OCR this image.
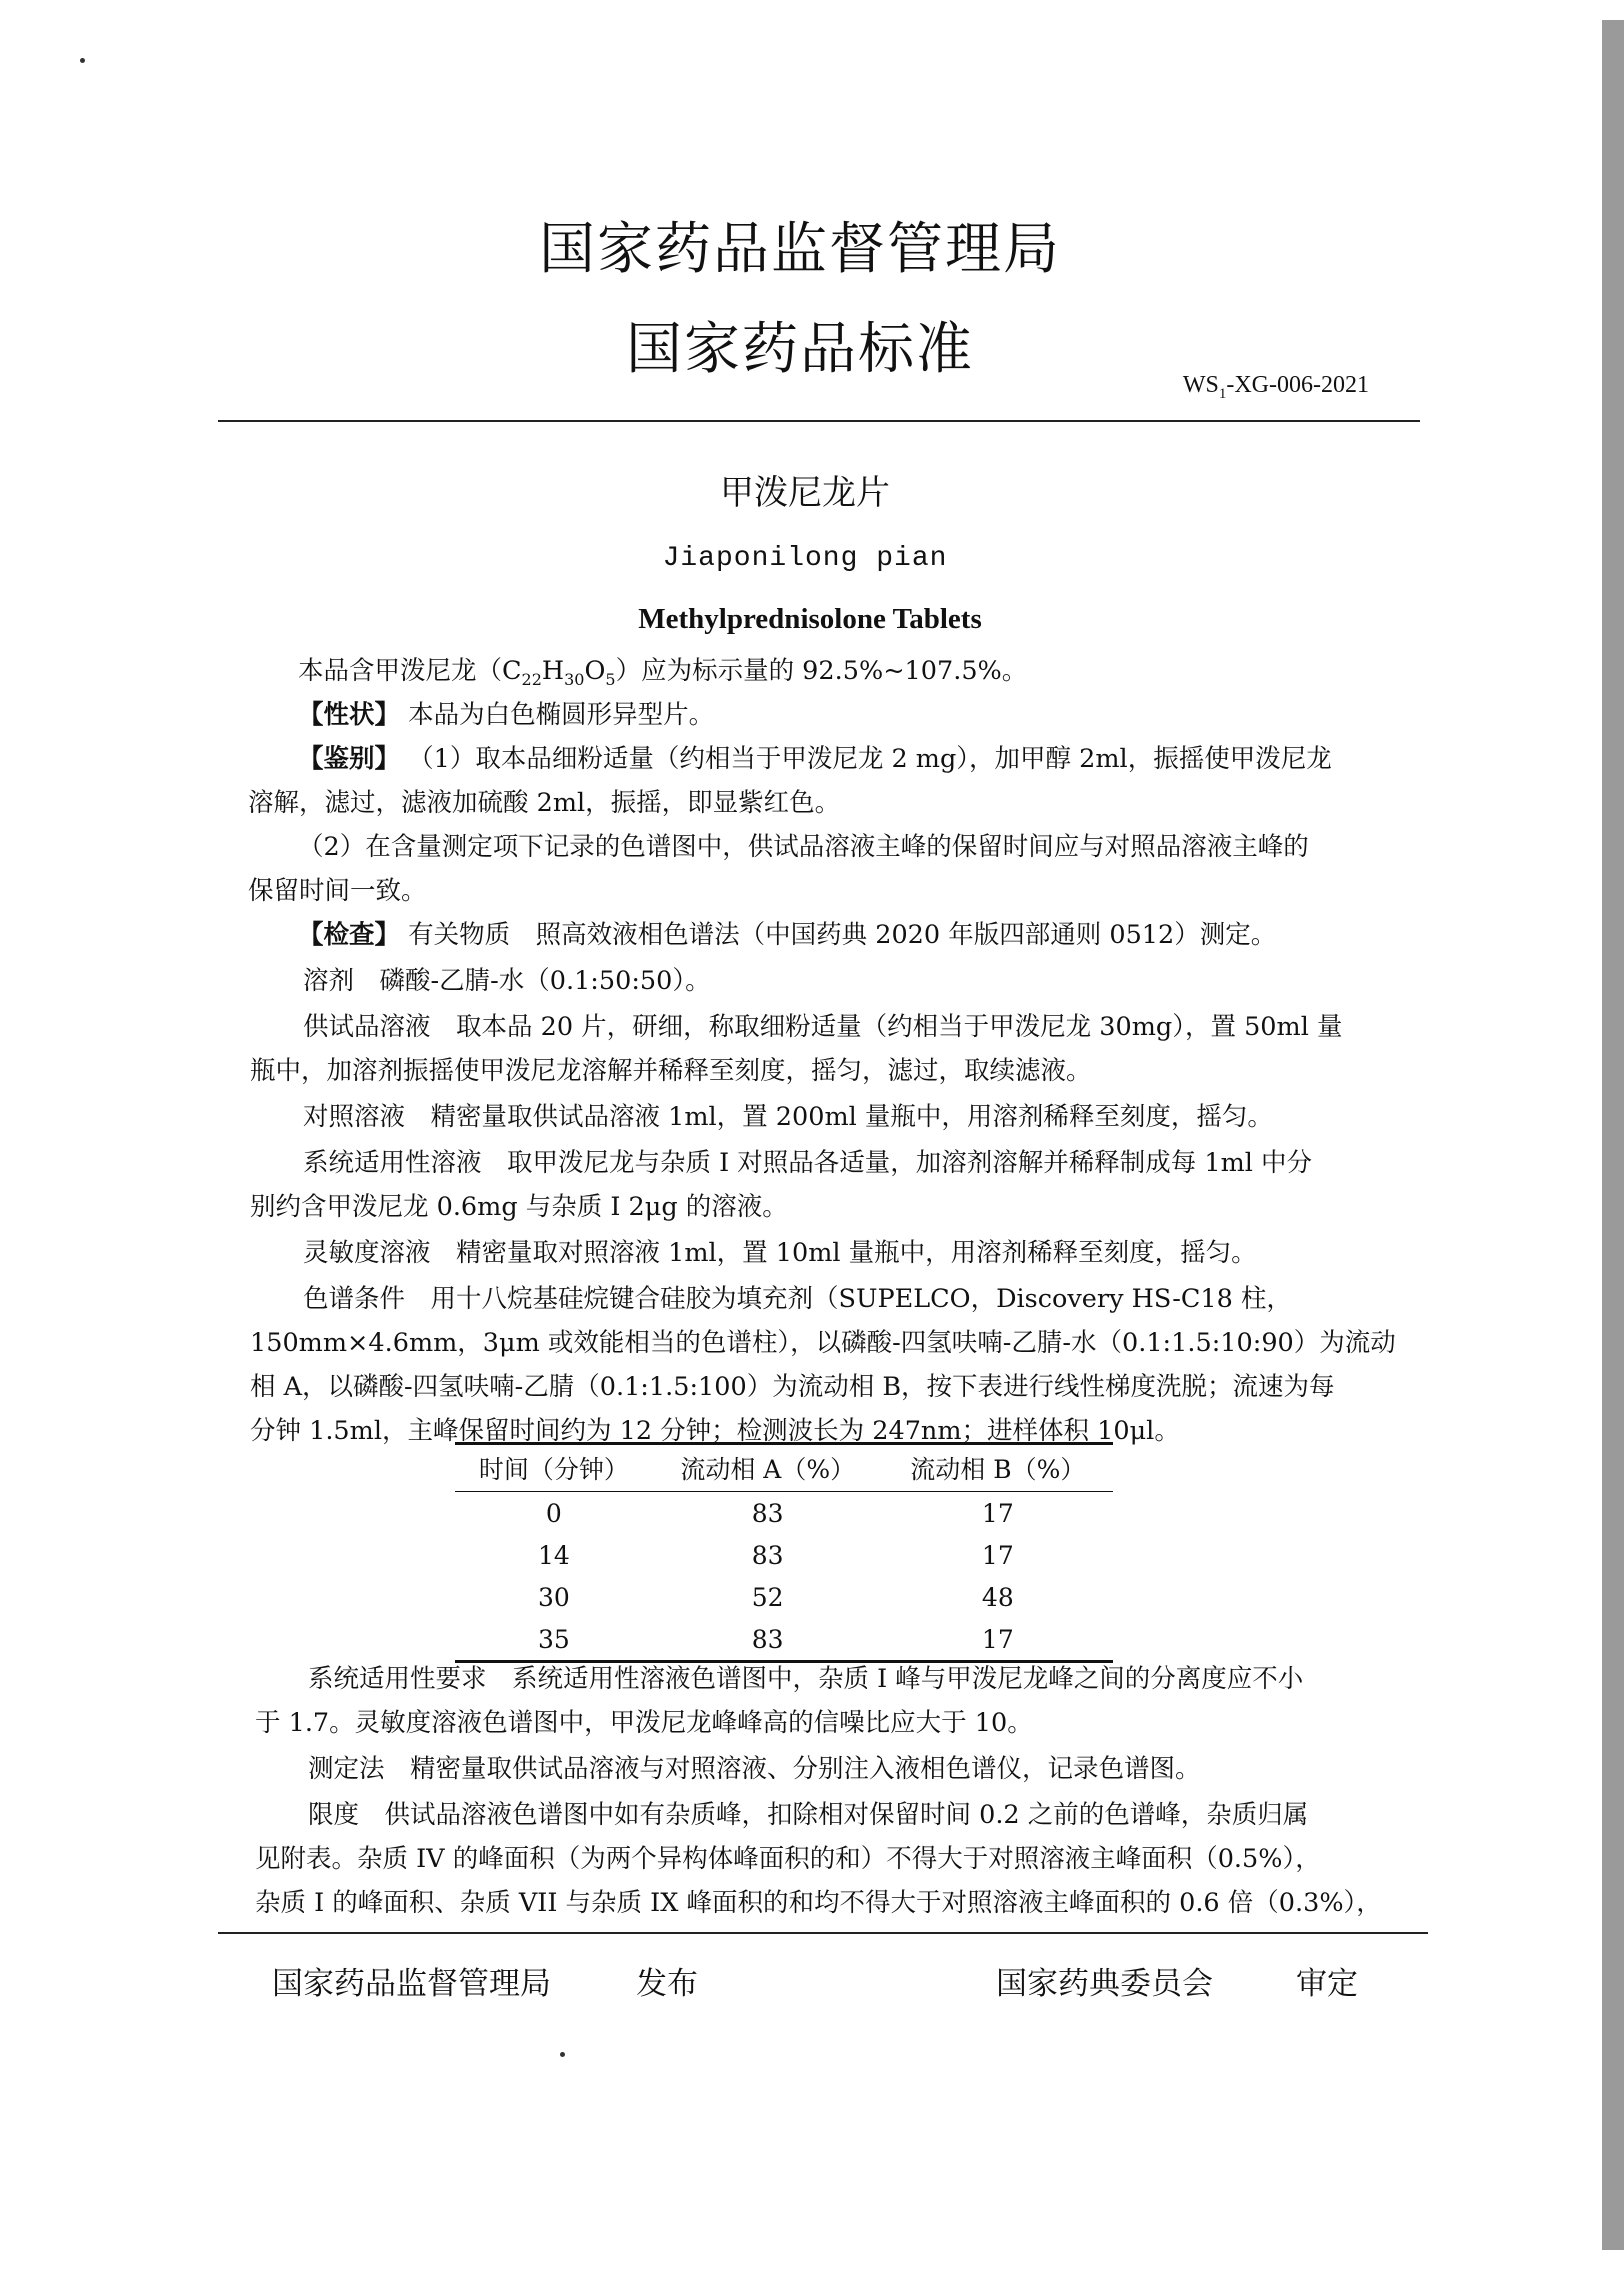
国家药品监督管理局
国家药品标准
$WS_1-XG-006-2021$
甲泼尼龙片
Jiaponilong pian
Methylprednisolone Tablets
本品含甲泼尼龙$(C_{22}H_{30}O_5)$应为标示量的 92.5%~107.5%。
【性状】 本品为白色椭圆形异型片。
【鉴别】 （1）取本品细粉适量（约相当于甲泼尼龙 2 mg），加甲醇 2ml，振摇使甲泼尼龙
溶解，滤过，滤液加硫酸 2ml，振摇，即显紫红色。
（2）在含量测定项下记录的色谱图中，供试品溶液主峰的保留时间应与对照品溶液主峰的
保留时间一致。
【检查】 有关物质　照高效液相色谱法（中国药典 2020 年版四部通则 0512）测定。
溶剂　磷酸-乙腈-水（0.1:50:50）。
供试品溶液　取本品 20 片，研细，称取细粉适量（约相当于甲泼尼龙 30mg），置 50ml 量
瓶中，加溶剂振摇使甲泼尼龙溶解并稀释至刻度，摇匀，滤过，取续滤液。
对照溶液　精密量取供试品溶液 1ml，置 200ml 量瓶中，用溶剂稀释至刻度，摇匀。
系统适用性溶液　取甲泼尼龙与杂质 I 对照品各适量，加溶剂溶解并稀释制成每 1ml 中分
别约含甲泼尼龙 0.6mg 与杂质 I 2μg 的溶液。
灵敏度溶液　精密量取对照溶液 1ml，置 10ml 量瓶中，用溶剂稀释至刻度，摇匀。
色谱条件　用十八烷基硅烷键合硅胶为填充剂（SUPELCO，Discovery HS-C18 柱，
150mm×4.6mm，3μm 或效能相当的色谱柱），以磷酸-四氢呋喃-乙腈-水（0.1:1.5:10:90）为流动
相 A，以磷酸-四氢呋喃-乙腈（0.1:1.5:100）为流动相 B，按下表进行线性梯度洗脱；流速为每
分钟 1.5ml，主峰保留时间约为 12 分钟；检测波长为 247nm；进样体积 10μl。
时间（分钟）	流动相 A（%）	流动相 B（%）
0	83	17
14	83	17
30	52	48
35	83	17
系统适用性要求　系统适用性溶液色谱图中，杂质 I 峰与甲泼尼龙峰之间的分离度应不小
于 1.7。灵敏度溶液色谱图中，甲泼尼龙峰峰高的信噪比应大于 10。
测定法　精密量取供试品溶液与对照溶液、分别注入液相色谱仪，记录色谱图。
限度　供试品溶液色谱图中如有杂质峰，扣除相对保留时间 0.2 之前的色谱峰，杂质归属
见附表。杂质 IV 的峰面积（为两个异构体峰面积的和）不得大于对照溶液主峰面积（0.5%），
杂质 I 的峰面积、杂质 VII 与杂质 IX 峰面积的和均不得大于对照溶液主峰面积的 0.6 倍（0.3%），
国家药品监督管理局	发布	国家药典委员会	审定
